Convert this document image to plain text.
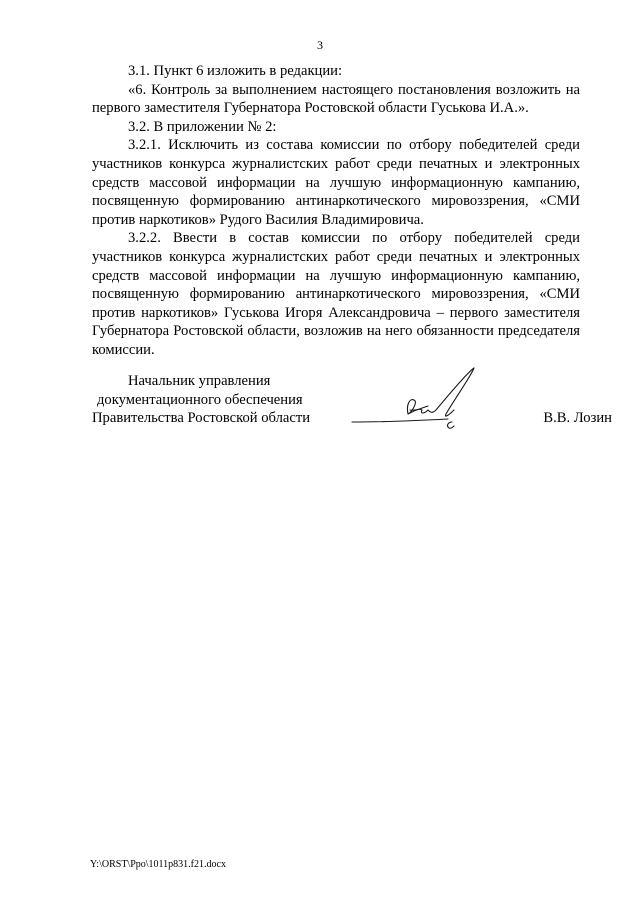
3

3.1. Пункт 6 изложить в редакции:

«6. Контроль за выполнением настоящего постановления возложить на первого заместителя Губернатора Ростовской области Гуськова И.А.».

3.2. В приложении № 2:

3.2.1. Исключить из состава комиссии по отбору победителей среди участников конкурса журналистских работ среди печатных и электронных средств массовой информации на лучшую информационную кампанию, посвященную формированию антинаркотического мировоззрения, «СМИ против наркотиков» Рудого Василия Владимировича.

3.2.2. Ввести в состав комиссии по отбору победителей среди участников конкурса журналистских работ среди печатных и электронных средств массовой информации на лучшую информационную кампанию, посвященную формированию антинаркотического мировоззрения, «СМИ против наркотиков» Гуськова Игоря Александровича – первого заместителя Губернатора Ростовской области, возложив на него обязанности председателя комиссии.

Начальник управления
документационного обеспечения
Правительства Ростовской области	В.В. Лозин
Y:\ORST\Ppo\1011p831.f21.docx
